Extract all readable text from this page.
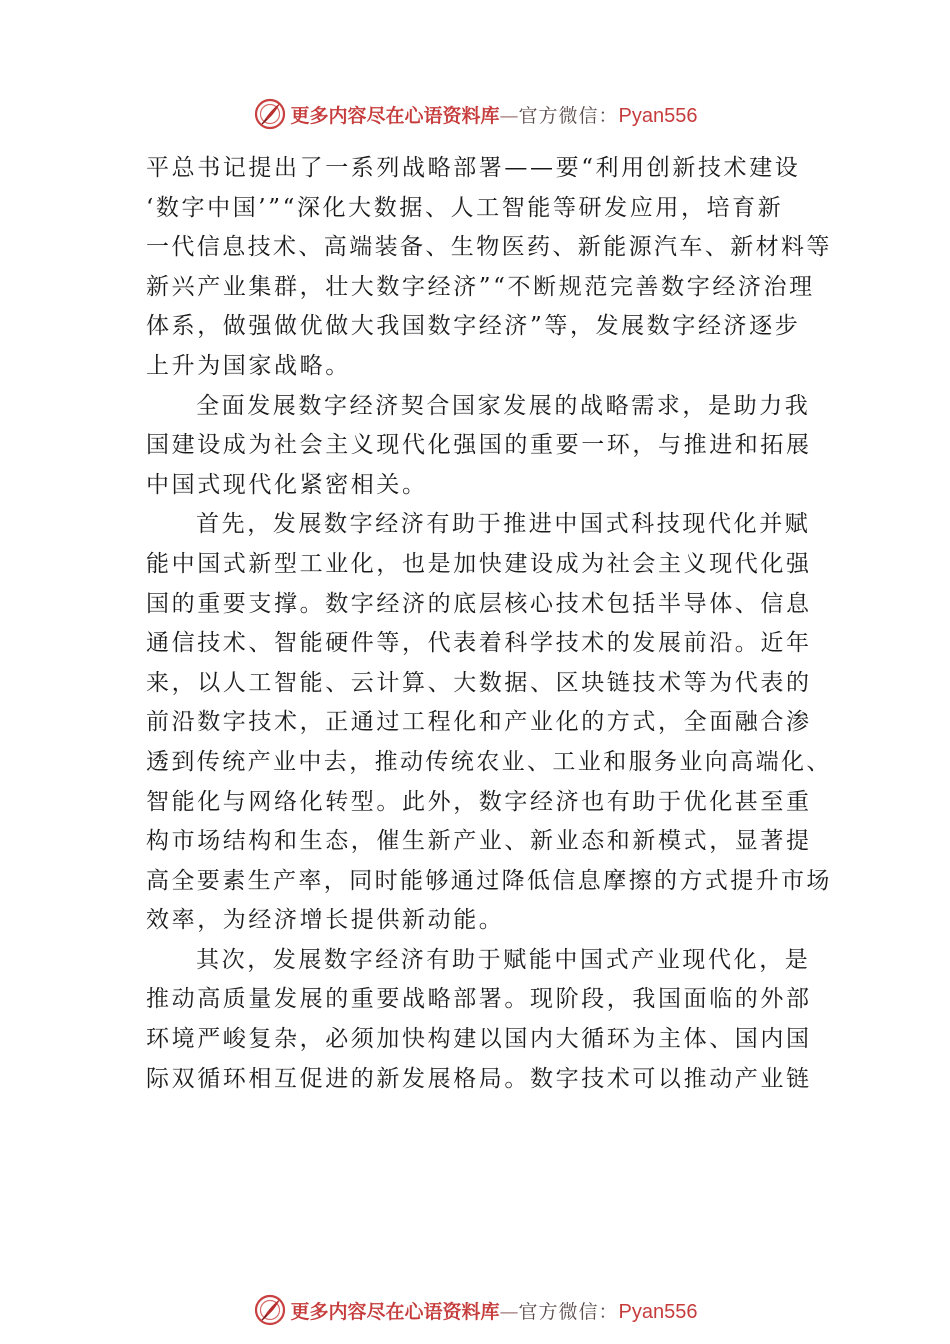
更多内容尽在心语资料库—官方微信：Pyan556
平总书记提出了一系列战略部署——要“利用创新技术建设
‘数字中国’”“深化大数据、人工智能等研发应用，培育新
一代信息技术、高端装备、生物医药、新能源汽车、新材料等
新兴产业集群，壮大数字经济”“不断规范完善数字经济治理
体系，做强做优做大我国数字经济”等，发展数字经济逐步
上升为国家战略。
全面发展数字经济契合国家发展的战略需求，是助力我
国建设成为社会主义现代化强国的重要一环，与推进和拓展
中国式现代化紧密相关。
首先，发展数字经济有助于推进中国式科技现代化并赋
能中国式新型工业化，也是加快建设成为社会主义现代化强
国的重要支撑。数字经济的底层核心技术包括半导体、信息
通信技术、智能硬件等，代表着科学技术的发展前沿。近年
来，以人工智能、云计算、大数据、区块链技术等为代表的
前沿数字技术，正通过工程化和产业化的方式，全面融合渗
透到传统产业中去，推动传统农业、工业和服务业向高端化、
智能化与网络化转型。此外，数字经济也有助于优化甚至重
构市场结构和生态，催生新产业、新业态和新模式，显著提
高全要素生产率，同时能够通过降低信息摩擦的方式提升市场
效率，为经济增长提供新动能。
其次，发展数字经济有助于赋能中国式产业现代化，是
推动高质量发展的重要战略部署。现阶段，我国面临的外部
环境严峻复杂，必须加快构建以国内大循环为主体、国内国
际双循环相互促进的新发展格局。数字技术可以推动产业链
更多内容尽在心语资料库—官方微信：Pyan556
